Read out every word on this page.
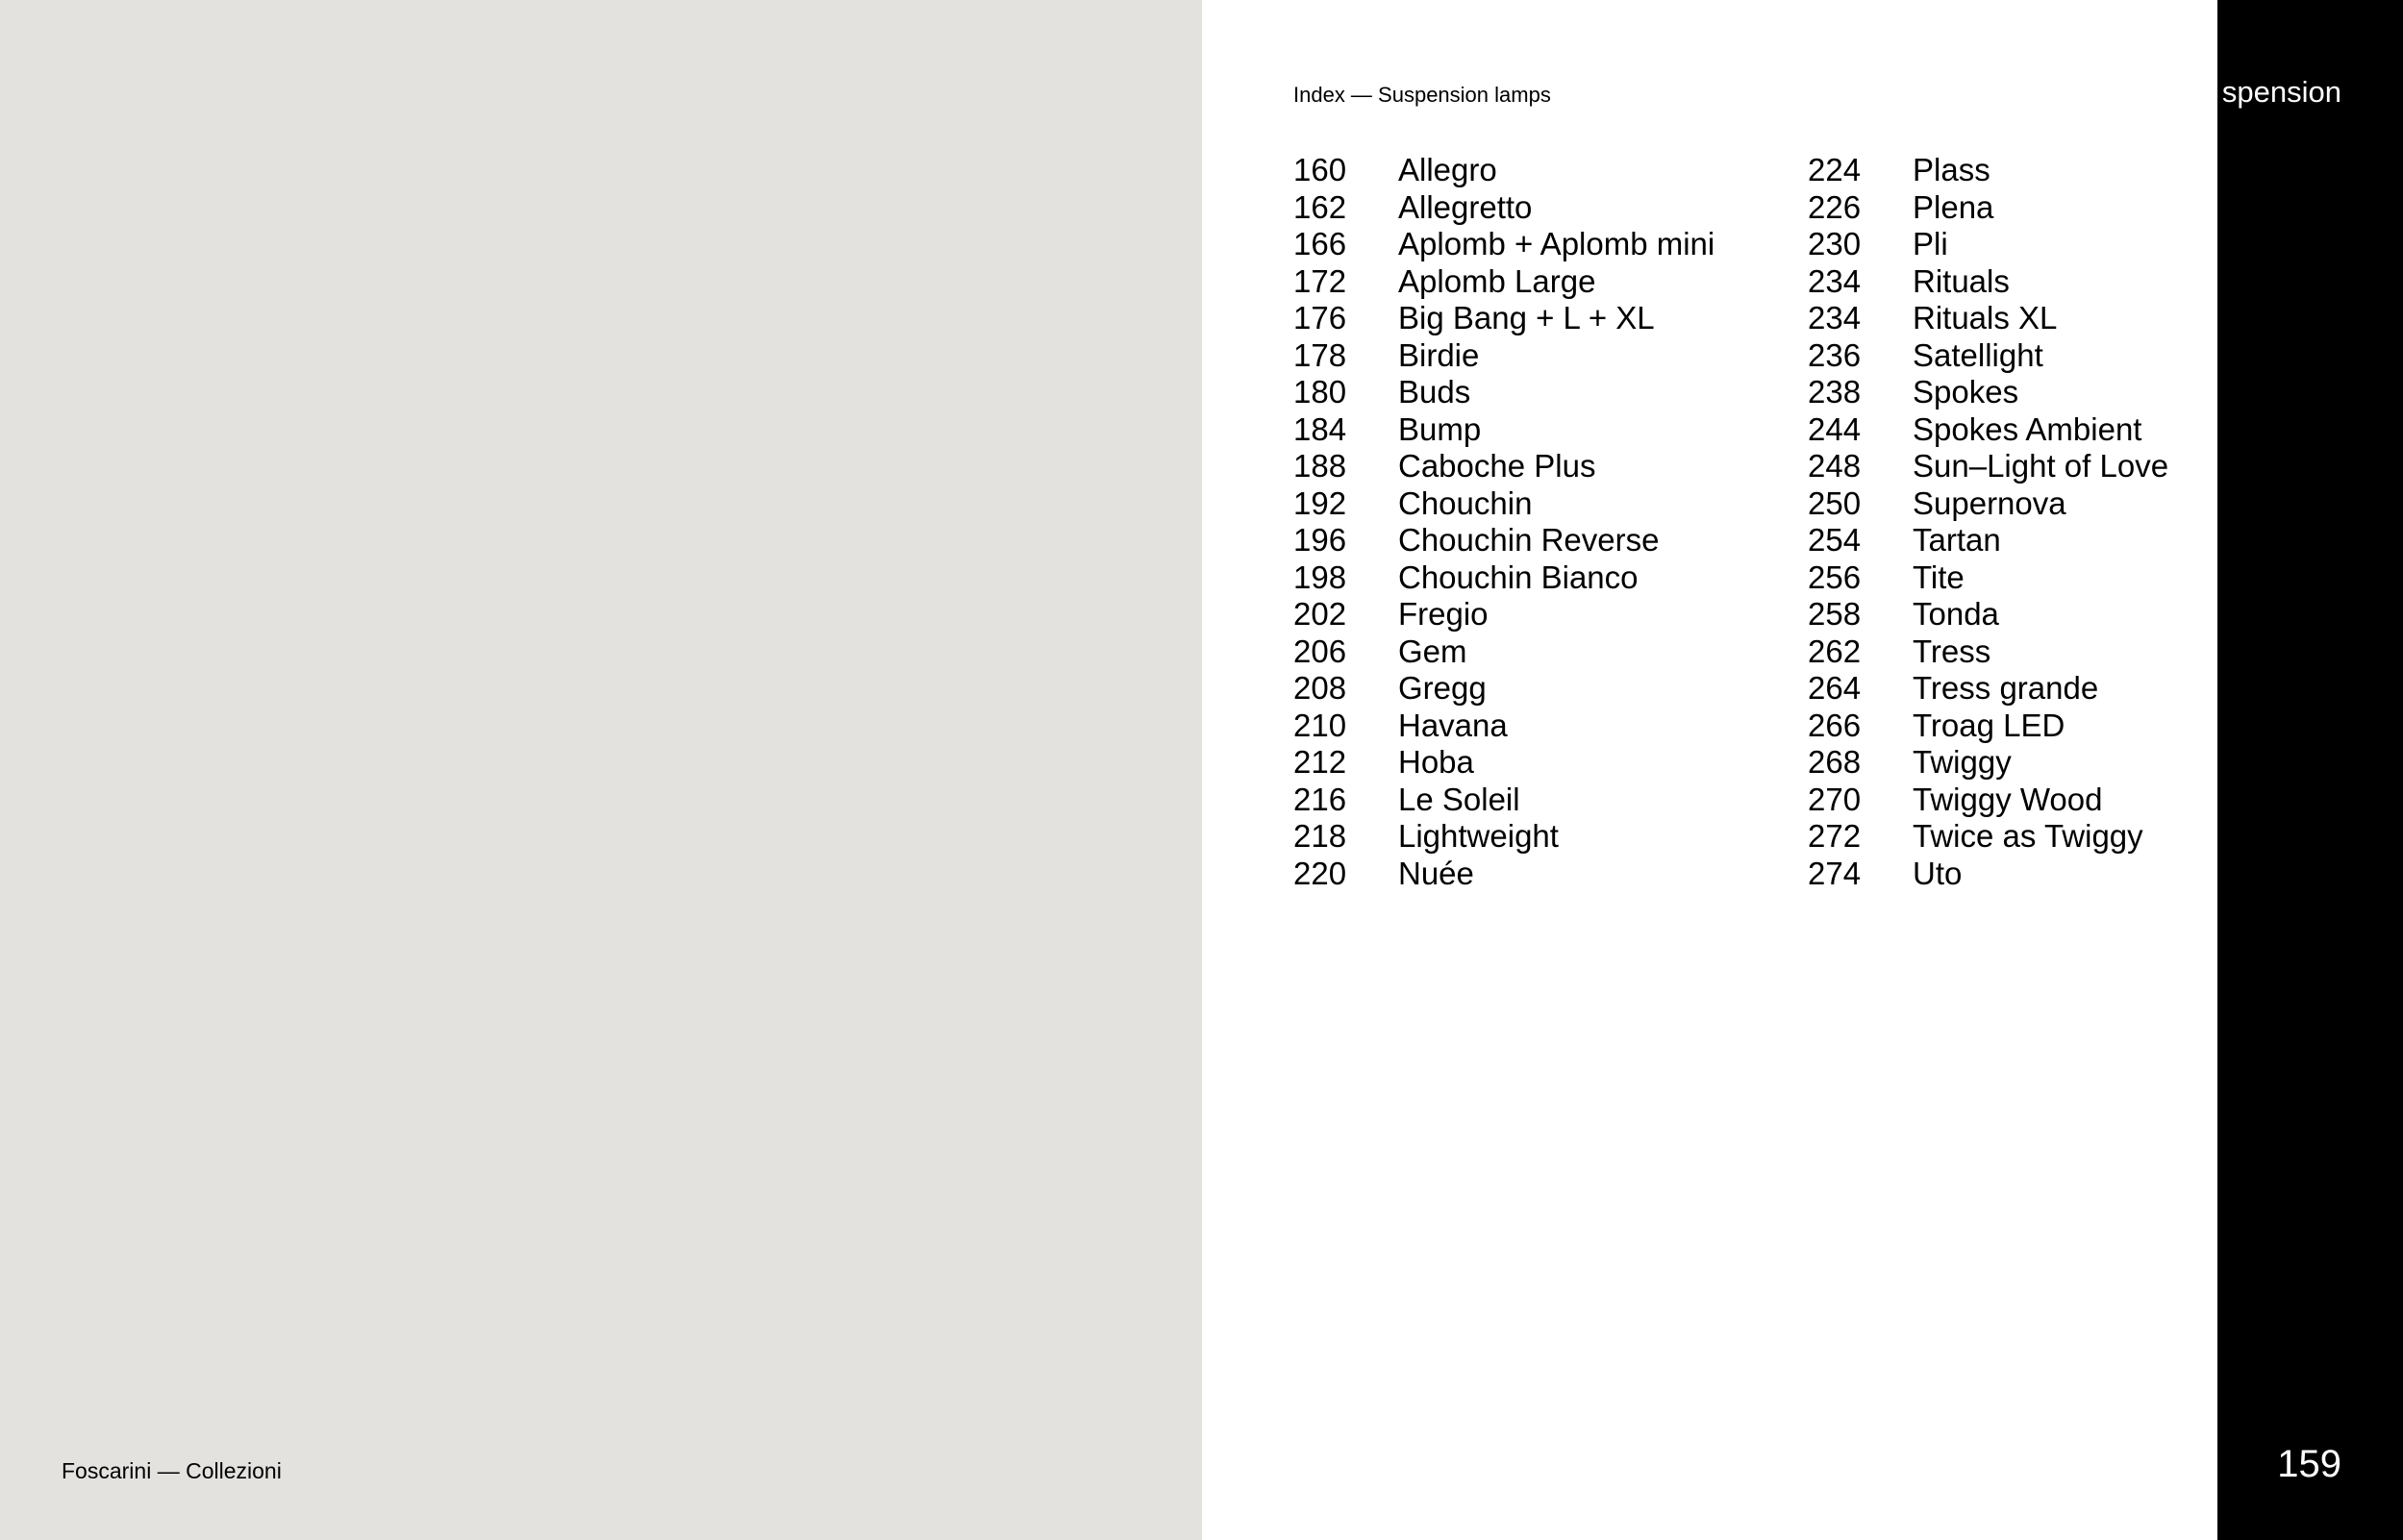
Foscarini — Collezioni
Index — Suspension lamps
160	Allegro
162	Allegretto
166	Aplomb + Aplomb mini
172	Aplomb Large
176	Big Bang + L + XL
178	Birdie
180	Buds
184	Bump
188	Caboche Plus
192	Chouchin
196	Chouchin Reverse
198	Chouchin Bianco
202	Fregio
206	Gem
208	Gregg
210	Havana
212	Hoba
216	Le Soleil
218	Lightweight
220	Nuée
224	Plass
226	Plena
230	Pli
234	Rituals
234	Rituals XL
236	Satellight
238	Spokes
244	Spokes Ambient
248	Sun–Light of Love
250	Supernova
254	Tartan
256	Tite
258	Tonda
262	Tress
264	Tress grande
266	Troag LED
268	Twiggy
270	Twiggy Wood
272	Twice as Twiggy
274	Uto
spension
159
